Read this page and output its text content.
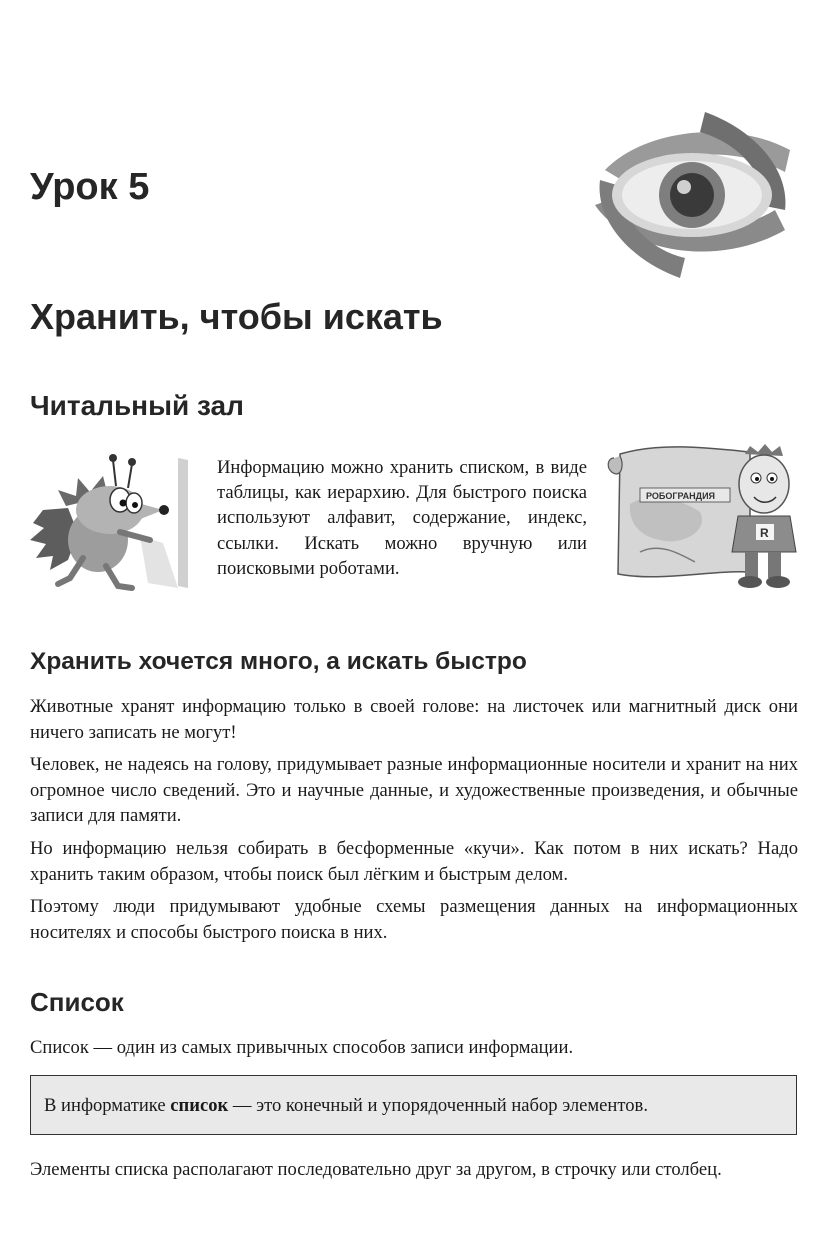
Урок 5
Хранить, чтобы искать
Читальный зал

Информацию можно хранить списком, в виде таблицы, как иерархию. Для быстрого поиска используют алфавит, содержание, индекс, ссылки. Искать можно вручную или поисковыми роботами.

РОБОГРАНДИЯ
R
Хранить хочется много, а искать быстро

Животные хранят информацию только в своей голове: на листочек или магнитный диск они ничего записать не могут!

Человек, не надеясь на голову, придумывает разные информационные носители и хранит на них огромное число сведений. Это и научные данные, и художественные произведения, и обычные записи для памяти.

Но информацию нельзя собирать в бесформенные «кучи». Как потом в них искать? Надо хранить таким образом, чтобы поиск был лёгким и быстрым делом.

Поэтому люди придумывают удобные схемы размещения данных на информационных носителях и способы быстрого поиска в них.

Список

Список — один из самых привычных способов записи информации.

В информатике список — это конечный и упорядоченный набор элементов.

Элементы списка располагают последовательно друг за другом, в строчку или столбец.
